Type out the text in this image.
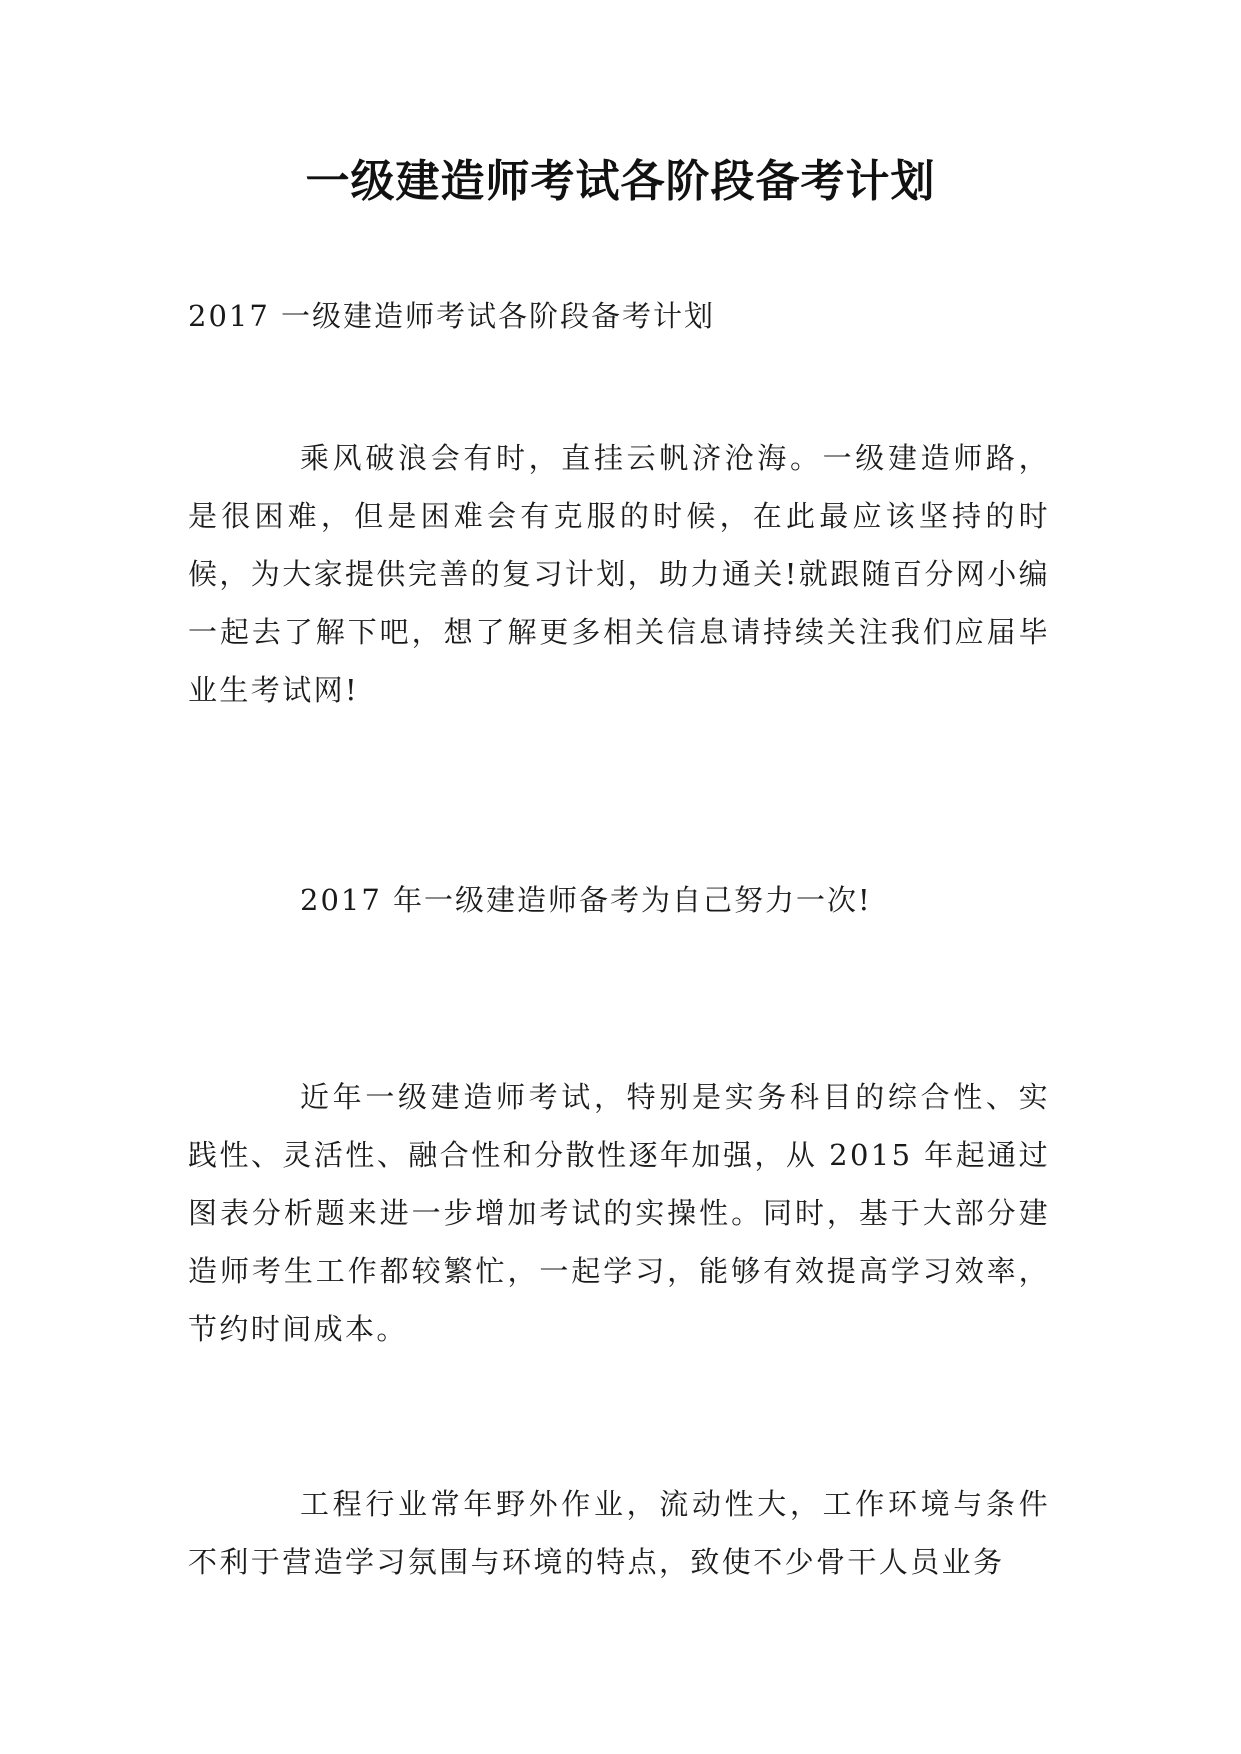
一级建造师考试各阶段备考计划
2017 一级建造师考试各阶段备考计划

乘风破浪会有时，直挂云帆济沧海。一级建造师路，是很困难，但是困难会有克服的时候，在此最应该坚持的时候，为大家提供完善的复习计划，助力通关!就跟随百分网小编一起去了解下吧，想了解更多相关信息请持续关注我们应届毕业生考试网!

2017 年一级建造师备考为自己努力一次!

近年一级建造师考试，特别是实务科目的综合性、实践性、灵活性、融合性和分散性逐年加强，从 2015 年起通过图表分析题来进一步增加考试的实操性。同时，基于大部分建造师考生工作都较繁忙，一起学习，能够有效提高学习效率，节约时间成本。

工程行业常年野外作业，流动性大，工作环境与条件不利于营造学习氛围与环境的特点，致使不少骨干人员业务
